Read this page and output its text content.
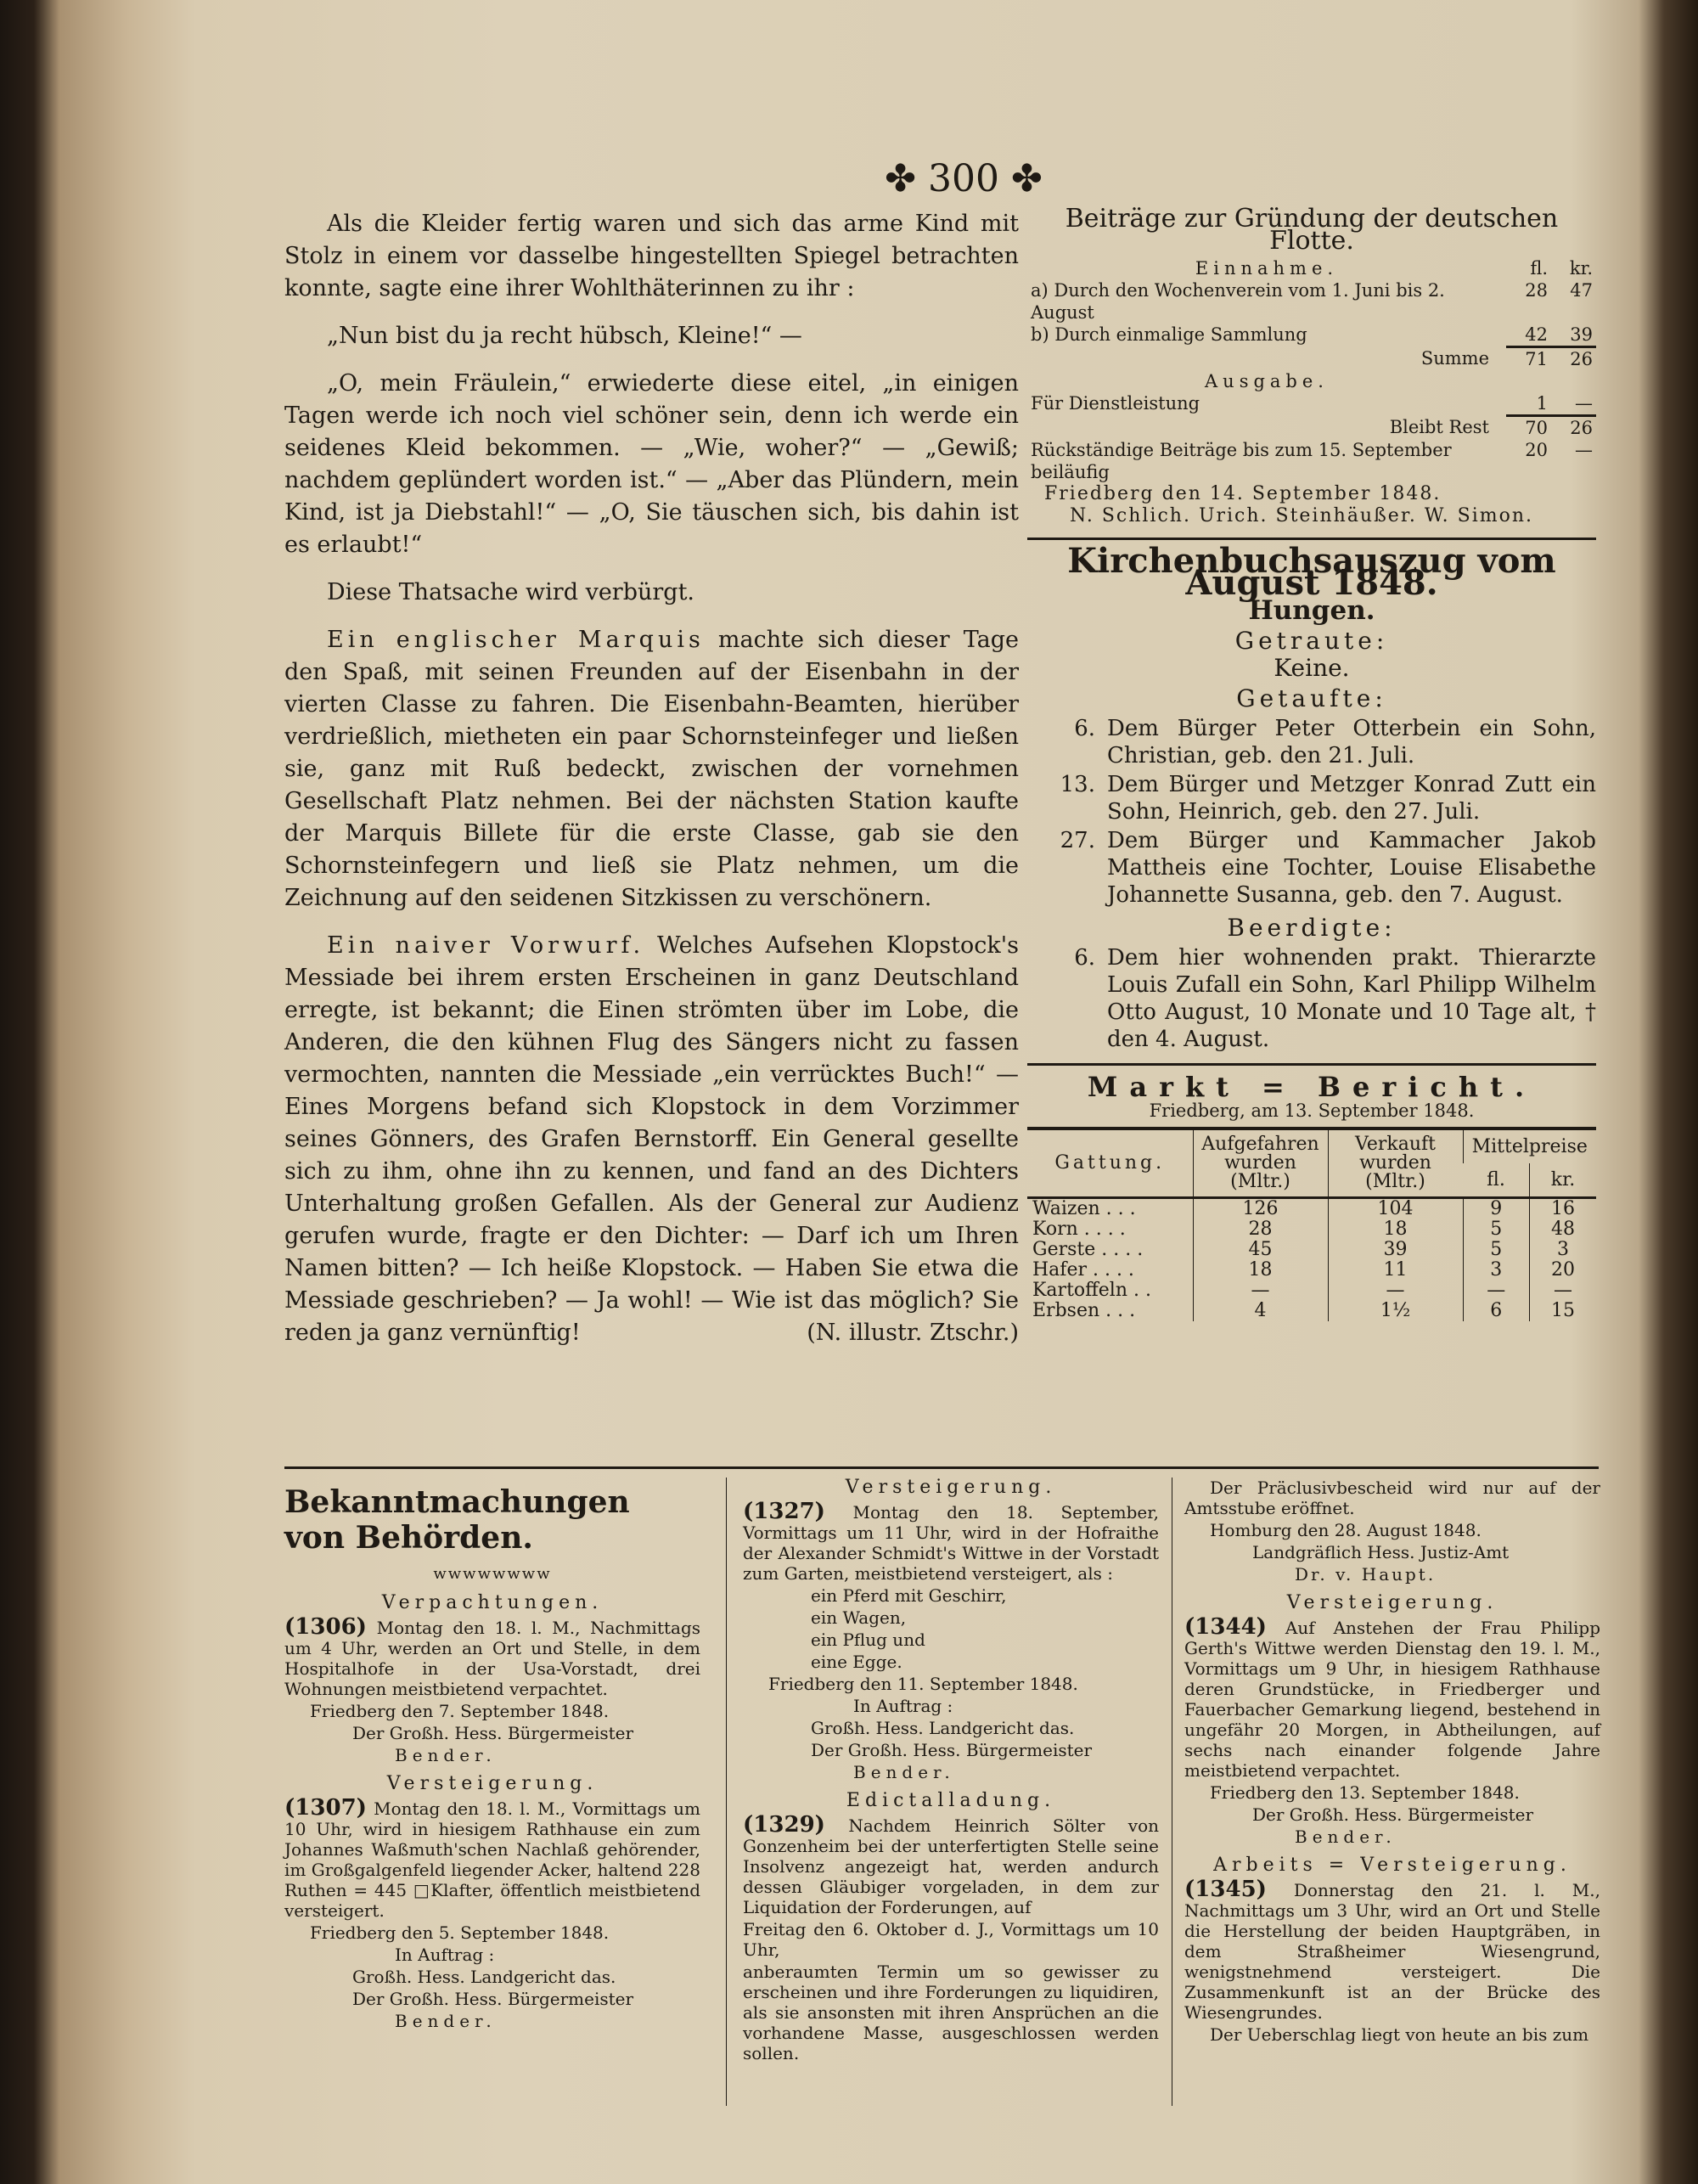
✤ 300 ✤

Als die Kleider fertig waren und sich das arme Kind mit Stolz in einem vor dasselbe hingestellten Spiegel betrachten konnte, sagte eine ihrer Wohlthäterinnen zu ihr :

„Nun bist du ja recht hübsch, Kleine!“ —

„O, mein Fräulein,“ erwiederte diese eitel, „in einigen Tagen werde ich noch viel schöner sein, denn ich werde ein seidenes Kleid bekommen. — „Wie, woher?“ — „Gewiß; nachdem geplündert worden ist.“ — „Aber das Plündern, mein Kind, ist ja Diebstahl!“ — „O, Sie täuschen sich, bis dahin ist es erlaubt!“

Diese Thatsache wird verbürgt.

Ein englischer Marquis machte sich dieser Tage den Spaß, mit seinen Freunden auf der Eisenbahn in der vierten Classe zu fahren. Die Eisenbahn-Beamten, hierüber verdrießlich, mietheten ein paar Schornsteinfeger und ließen sie, ganz mit Ruß bedeckt, zwischen der vornehmen Gesellschaft Platz nehmen. Bei der nächsten Station kaufte der Marquis Billete für die erste Classe, gab sie den Schornsteinfegern und ließ sie Platz nehmen, um die Zeichnung auf den seidenen Sitzkissen zu verschönern.

Ein naiver Vorwurf. Welches Aufsehen Klopstock's Messiade bei ihrem ersten Erscheinen in ganz Deutschland erregte, ist bekannt; die Einen strömten über im Lobe, die Anderen, die den kühnen Flug des Sängers nicht zu fassen vermochten, nannten die Messiade „ein verrücktes Buch!“ — Eines Morgens befand sich Klopstock in dem Vorzimmer seines Gönners, des Grafen Bernstorff. Ein General gesellte sich zu ihm, ohne ihn zu kennen, und fand an des Dichters Unterhaltung großen Gefallen. Als der General zur Audienz gerufen wurde, fragte er den Dichter: — Darf ich um Ihren Namen bitten? — Ich heiße Klopstock. — Haben Sie etwa die Messiade geschrieben? — Ja wohl! — Wie ist das möglich? Sie reden ja ganz vernünftig!	(N. illustr. Ztschr.)

Beiträge zur Gründung der deutschen Flotte.
Einnahme.	fl.	kr.
a) Durch den Wochenverein vom 1. Juni bis 2. August	28	47
b) Durch einmalige Sammlung	42	39
Summe	71	26
Ausgabe.		
Für Dienstleistung	1	—
Bleibt Rest	70	26
Rückständige Beiträge bis zum 15. September beiläufig	20	—
Friedberg den 14. September 1848.
N. Schlich. Urich. Steinhäußer. W. Simon.
Kirchenbuchsauszug vom August 1848.
Hungen.
Getraute:
Keine.
Getaufte:
6. Dem Bürger Peter Otterbein ein Sohn, Christian, geb. den 21. Juli.
13. Dem Bürger und Metzger Konrad Zutt ein Sohn, Heinrich, geb. den 27. Juli.
27. Dem Bürger und Kammacher Jakob Mattheis eine Tochter, Louise Elisabethe Johannette Susanna, geb. den 7. August.
Beerdigte:
6. Dem hier wohnenden prakt. Thierarzte Louis Zufall ein Sohn, Karl Philipp Wilhelm Otto August, 10 Monate und 10 Tage alt, † den 4. August.
Markt = Bericht.
Friedberg, am 13. September 1848.
Gattung.	Aufgefahren wurden (Mltr.)	Verkauft wurden (Mltr.)	Mittelpreise	
			fl.	kr.
Waizen . . .	126	104	9	16
Korn . . . .	28	18	5	48
Gerste . . . .	45	39	5	3
Hafer . . . .	18	11	3	20
Kartoffeln . .	—	—	—	—
Erbsen . . .	4	1½	6	15
Bekanntmachungen von Behörden.
wwwwwwww
Verpachtungen.

(1306) Montag den 18. l. M., Nachmittags um 4 Uhr, werden an Ort und Stelle, in dem Hospitalhofe in der Usa-Vorstadt, drei Wohnungen meistbietend verpachtet.

Friedberg den 7. September 1848.

Der Großh. Hess. Bürgermeister

Bender.

Versteigerung.

(1307) Montag den 18. l. M., Vormittags um 10 Uhr, wird in hiesigem Rathhause ein zum Johannes Waßmuth'schen Nachlaß gehörender, im Großgalgenfeld liegender Acker, haltend 228 Ruthen = 445 □Klafter, öffentlich meistbietend versteigert.

Friedberg den 5. September 1848.

In Auftrag :

Großh. Hess. Landgericht das.

Der Großh. Hess. Bürgermeister

Bender.

Versteigerung.

(1327) Montag den 18. September, Vormittags um 11 Uhr, wird in der Hofraithe der Alexander Schmidt's Wittwe in der Vorstadt zum Garten, meistbietend versteigert, als :

ein Pferd mit Geschirr,

ein Wagen,

ein Pflug und

eine Egge.

Friedberg den 11. September 1848.

In Auftrag :

Großh. Hess. Landgericht das.

Der Großh. Hess. Bürgermeister

Bender.

Edictalladung.

(1329) Nachdem Heinrich Sölter von Gonzenheim bei der unterfertigten Stelle seine Insolvenz angezeigt hat, werden andurch dessen Gläubiger vorgeladen, in dem zur Liquidation der Forderungen, auf

Freitag den 6. Oktober d. J., Vormittags um 10 Uhr,

anberaumten Termin um so gewisser zu erscheinen und ihre Forderungen zu liquidiren, als sie ansonsten mit ihren Ansprüchen an die vorhandene Masse, ausgeschlossen werden sollen.

Der Präclusivbescheid wird nur auf der Amtsstube eröffnet.

Homburg den 28. August 1848.

Landgräflich Hess. Justiz-Amt

Dr. v. Haupt.

Versteigerung.

(1344) Auf Anstehen der Frau Philipp Gerth's Wittwe werden Dienstag den 19. l. M., Vormittags um 9 Uhr, in hiesigem Rathhause deren Grundstücke, in Friedberger und Fauerbacher Gemarkung liegend, bestehend in ungefähr 20 Morgen, in Abtheilungen, auf sechs nach einander folgende Jahre meistbietend verpachtet.

Friedberg den 13. September 1848.

Der Großh. Hess. Bürgermeister

Bender.

Arbeits = Versteigerung.

(1345) Donnerstag den 21. l. M., Nachmittags um 3 Uhr, wird an Ort und Stelle die Herstellung der beiden Hauptgräben, in dem Straßheimer Wiesengrund, wenigstnehmend versteigert. Die Zusammenkunft ist an der Brücke des Wiesengrundes.

Der Ueberschlag liegt von heute an bis zum
